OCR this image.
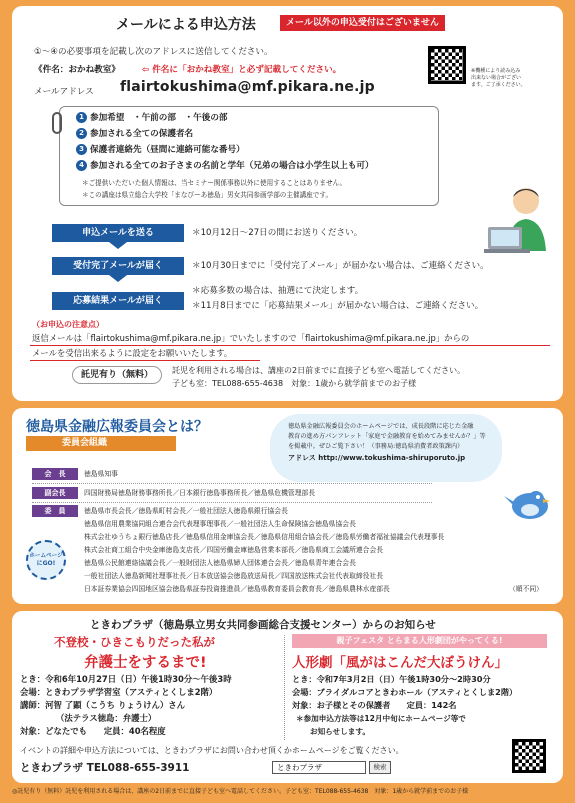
メールによる申込方法	メール以外の申込受付はございません
※機種により読み込み
出来ない場合がござい
ます。ご了承ください。
①～④の必要事項を記載し次のアドレスに送信してください。
《件名：おかね教室》	⇦ 件名に「おかね教室」と必ず記載してください。
メールアドレス flairtokushima@mf.pikara.ne.jp
1 参加希望　・午前の部　・午後の部
2 参加される全ての保護者名
3 保護者連絡先（昼間に連絡可能な番号）
4 参加される全てのお子さまの名前と学年（兄弟の場合は小学生以上も可）
＊ご提供いただいた個人情報は、当セミナー関係事務以外に使用することはありません。
＊この講座は県立総合大学校「まなびーあ徳島」男女共同参画学部の主催講座です。
申込メールを送る	＊10月12日～27日の間にお送りください。
受付完了メールが届く	＊10月30日までに「受付完了メール」が届かない場合は、ご連絡ください。
応募結果メールが届く
＊応募多数の場合は、抽選にて決定します。
＊11月8日までに「応募結果メール」が届かない場合は、ご連絡ください。
（お申込の注意点）
返信メールは「flairtokushima@mf.pikara.ne.jp」でいたしますので「flairtokushima@mf.pikara.ne.jp」からの
メールを受信出来るように設定をお願いいたします。
託児有り（無料）	託児を利用される場合は、講座の2日前までに直接子ども室へ電話してください。
子ども室：TEL088-655-4638　対象：1歳から就学前までのお子様
徳島県金融広報委員会とは？
委員会組織
徳島県金融広報委員会のホームページでは、成長段階に応じた金融
教育の進め方パンフレット「家庭で金融教育を始めてみませんか？」等
を掲載中。ぜひご覧下さい！（事務局:徳島県消費者政策課内）
アドレス http://www.tokushima-shiruporuto.jp
会　長	徳島県知事
副会長	四国財務局徳島財務事務所長／日本銀行徳島事務所長／徳島県危機管理部長
委　員	徳島県市長会長／徳島県町村会長／一般社団法人徳島県銀行協会長
徳島県信用農業協同組合連合会代表理事理事長／一般社団法人生命保険協会徳島県協会長
株式会社ゆうちょ銀行徳島店長／徳島県信用金庫協会長／徳島県信用組合協会長／徳島県労働者福祉協議会代表理事長
株式会社商工組合中央金庫徳島支店長／四国労働金庫徳島営業本部長／徳島県商工会議所連合会長
徳島県公民館連絡協議会長／一般財団法人徳島県婦人団体連合会長／徳島県青年連合会長
一般社団法人徳島新聞社理事社長／日本放送協会徳島放送局長／四国放送株式会社代表取締役社長
日本証券業協会四国地区協会徳島県証券投資推進員／徳島県教育委員会教育長／徳島県農林水産部長	（順不同）
ホームページ
にGO!
ときわプラザ（徳島県立男女共同参画総合支援センター）からのお知らせ
不登校・ひきこもりだった私が
弁護士をするまで!
とき：令和6年10月27日（日）午後1時30分～午後3時
会場：ときわプラザ学習室（アスティとくしま2階）
講師：河智 了顕（こうち りょうけん）さん
（法テラス徳島：弁護士）
対象：どなたでも　　定員：40名程度
親子フェスタ とらまる人形劇団がやってくる!
人形劇「風がはこんだ大ぼうけん」
とき：令和7年3月2日（日）午後1時30分～2時30分
会場：ブライダルコアときわホール（アスティとくしま2階）
対象：お子様とその保護者　　定員：142名
＊参加申込方法等は12月中旬にホームページ等で
お知らせします。
イベントの詳細や申込方法については、ときわプラザにお問い合わせ頂くかホームページをご覧ください。
ときわプラザ TEL088-655-3911
ときわプラザ	検索
◎託児有り（無料）託児を利用される場合は、講座の2日前までに直接子ども室へ電話してください。子ども室：TEL088-655-4638　対象：1歳から就学前までのお子様
